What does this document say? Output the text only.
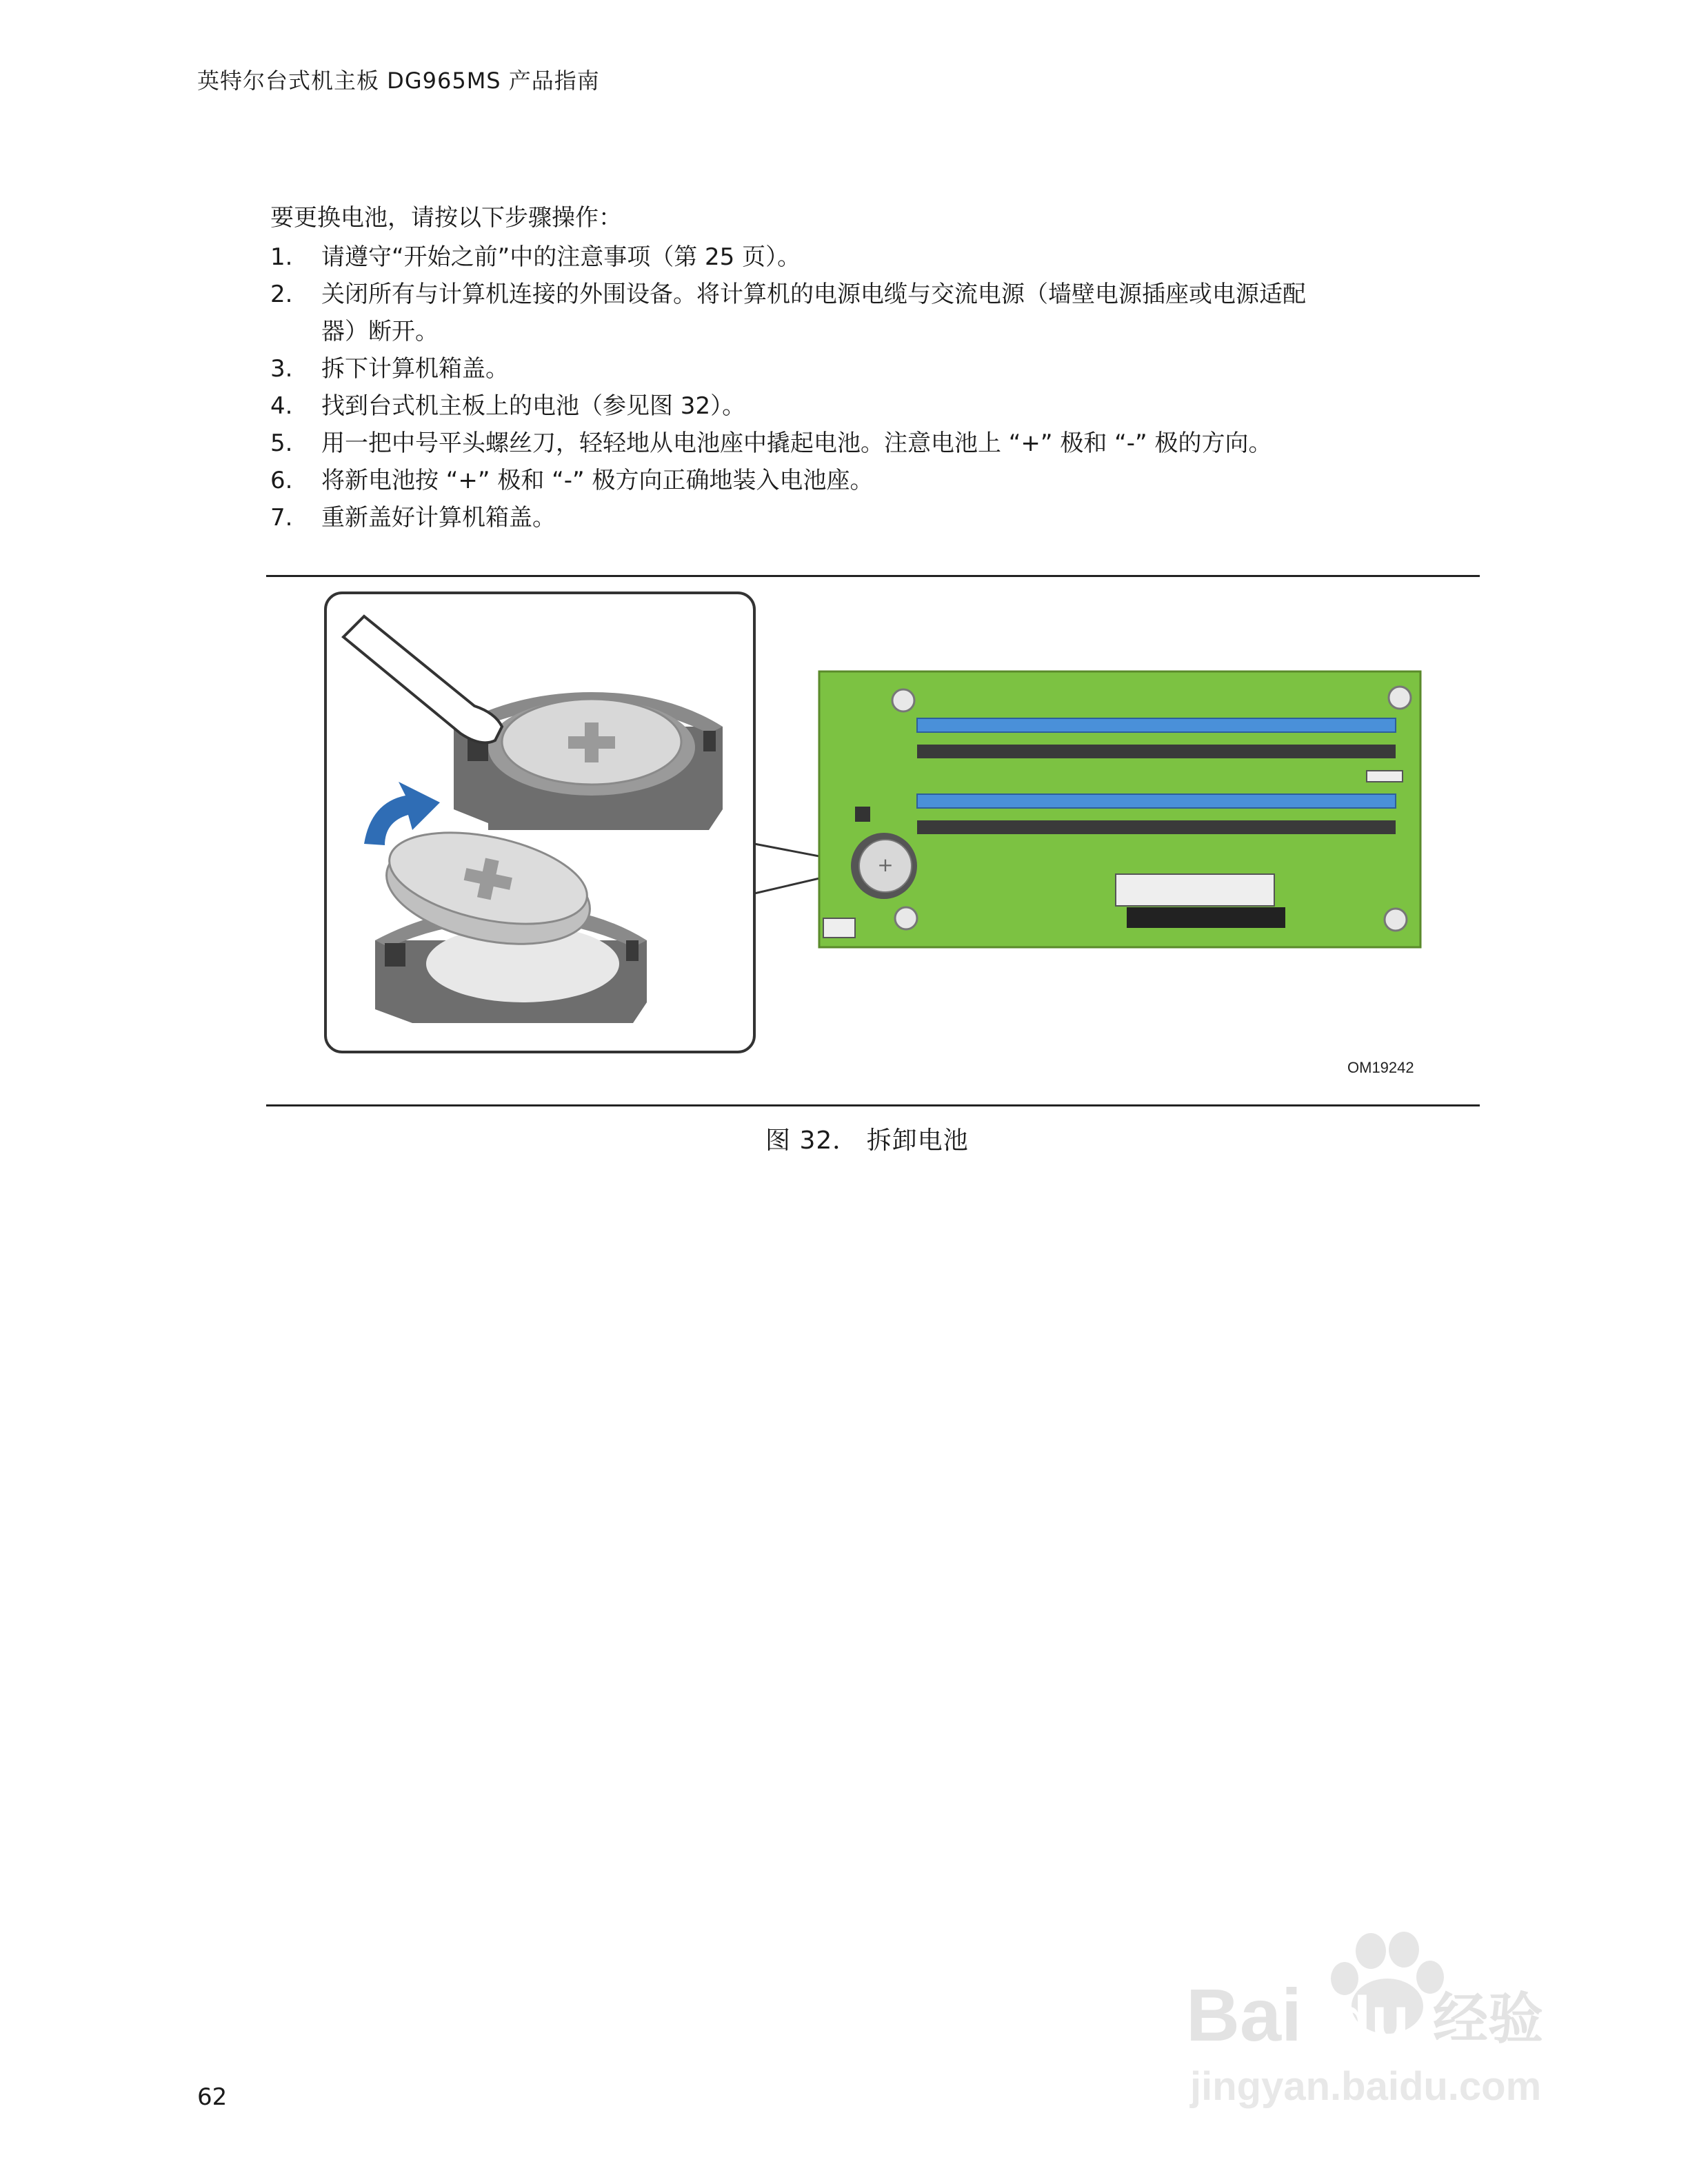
英特尔台式机主板 DG965MS 产品指南
要更换电池，请按以下步骤操作：
1. 请遵守“开始之前”中的注意事项（第 25 页）。
2. 关闭所有与计算机连接的外围设备。将计算机的电源电缆与交流电源（墙壁电源插座或电源适配器）断开。
3. 拆下计算机箱盖。
4. 找到台式机主板上的电池（参见图 32）。
5. 用一把中号平头螺丝刀，轻轻地从电池座中撬起电池。注意电池上 “+” 极和 “-” 极的方向。
6. 将新电池按 “+” 极和 “-” 极方向正确地装入电池座。
7. 重新盖好计算机箱盖。
+
OM19242
图 32． 拆卸电池
62
Bai du 经验
jingyan.baidu.com
